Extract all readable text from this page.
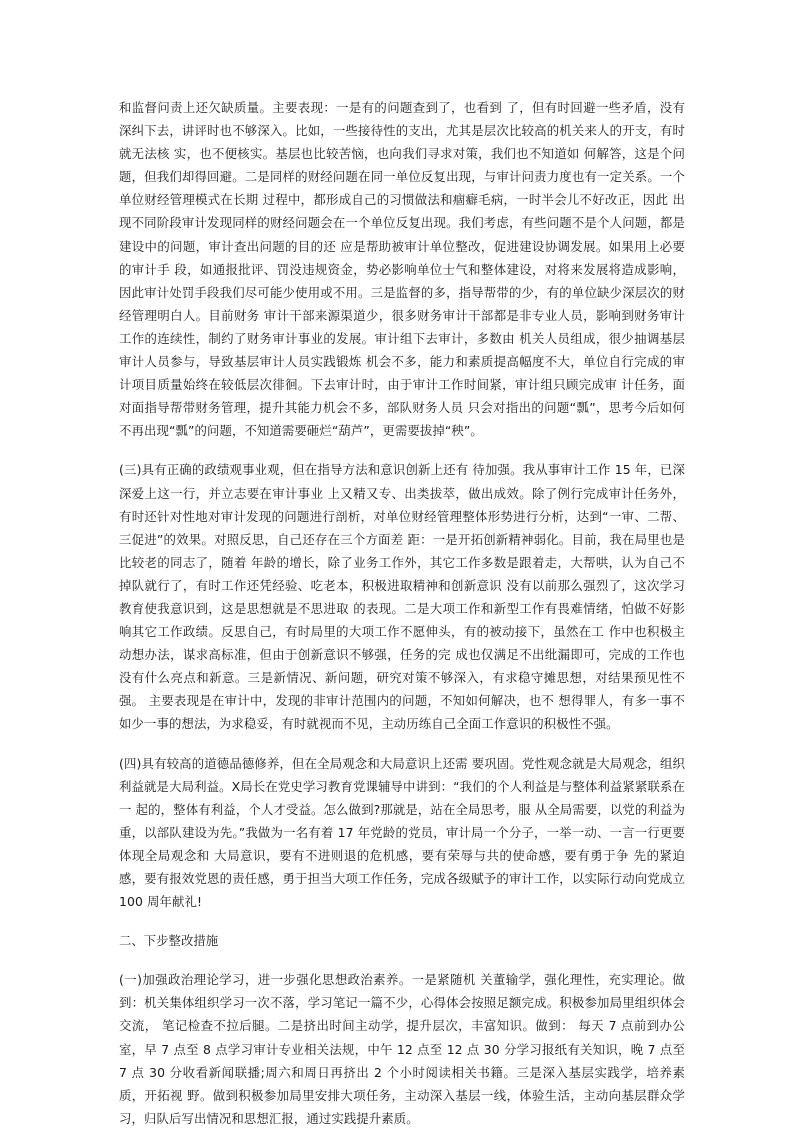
和监督问责上还欠缺质量。主要表现：一是有的问题查到了，也看到 了，但有时回避一些矛盾，没有深纠下去，讲评时也不够深入。比如，一些接待性的支出，尤其是层次比较高的机关来人的开支，有时就无法核 实，也不便核实。基层也比较苦恼，也向我们寻求对策，我们也不知道如 何解答，这是个问题，但我们却得回避。二是同样的财经问题在同一单位反复出现，与审计问责力度也有一定关系。一个单位财经管理模式在长期 过程中，都形成自己的习惯做法和痼癖毛病，一时半会儿不好改正，因此 出现不同阶段审计发现同样的财经问题会在一个单位反复出现。我们考虑，有些问题不是个人问题，都是建设中的问题，审计查出问题的目的还 应是帮助被审计单位整改，促进建设协调发展。如果用上必要的审计手 段，如通报批评、罚没违规资金，势必影响单位士气和整体建设，对将来发展将造成影响，因此审计处罚手段我们尽可能少使用或不用。三是监督的多，指导帮带的少，有的单位缺少深层次的财经管理明白人。目前财务 审计干部来源渠道少，很多财务审计干部都是非专业人员，影响到财务审计工作的连续性，制约了财务审计事业的发展。审计组下去审计，多数由 机关人员组成，很少抽调基层审计人员参与，导致基层审计人员实践锻炼 机会不多，能力和素质提高幅度不大，单位自行完成的审计项目质量始终在较低层次徘徊。下去审计时，由于审计工作时间紧，审计组只顾完成审 计任务，面对面指导帮带财务管理，提升其能力机会不多，部队财务人员 只会对指出的问题“瓢”，思考今后如何不再出现“瓢”的问题，不知道需要砸烂“葫芦”，更需要拔掉“秧”。

(三)具有正确的政绩观事业观，但在指导方法和意识创新上还有 待加强。我从事审计工作 15 年，已深深爱上这一行，并立志要在审计事业 上又精又专、出类拔萃，做出成效。除了例行完成审计任务外，有时还针对性地对审计发现的问题进行剖析，对单位财经管理整体形势进行分析，达到“一审、二帮、三促进”的效果。对照反思，自己还存在三个方面差 距：一是开拓创新精神弱化。目前，我在局里也是比较老的同志了，随着 年龄的增长，除了业务工作外，其它工作多数是跟着走，大帮哄，认为自己不掉队就行了，有时工作还凭经验、吃老本，积极进取精神和创新意识 没有以前那么强烈了，这次学习教育使我意识到，这是思想就是不思进取 的表现。二是大项工作和新型工作有畏难情绪，怕做不好影响其它工作政绩。反思自己，有时局里的大项工作不愿伸头，有的被动接下，虽然在工 作中也积极主动想办法，谋求高标准，但由于创新意识不够强，任务的完 成也仅满足不出纰漏即可，完成的工作也没有什么亮点和新意。三是新情况、新问题，研究对策不够深入，有求稳守摊思想，对结果预见性不强。 主要表现是在审计中，发现的非审计范围内的问题，不知如何解决，也不 想得罪人，有多一事不如少一事的想法，为求稳妥，有时就视而不见，主动历练自己全面工作意识的积极性不强。

(四)具有较高的道德品德修养，但在全局观念和大局意识上还需 要巩固。党性观念就是大局观念，组织利益就是大局利益。X局长在党史学习教育党课辅导中讲到：“我们的个人利益是与整体利益紧紧联系在一 起的，整体有利益，个人才受益。怎么做到?那就是，站在全局思考，服 从全局需要，以党的利益为重，以部队建设为先。”我做为一名有着 17 年党龄的党员，审计局一个分子，一举一动、一言一行更要体现全局观念和 大局意识，要有不进则退的危机感，要有荣辱与共的使命感，要有勇于争 先的紧迫感，要有报效党恩的责任感，勇于担当大项工作任务，完成各级赋予的审计工作，以实际行动向党成立 100 周年献礼!

二、下步整改措施

(一)加强政治理论学习，进一步强化思想政治素养。一是紧随机 关董输学，强化理性，充实理论。做到：机关集体组织学习一次不落，学习笔记一篇不少，心得体会按照足额完成。积极参加局里组织体会交流， 笔记检查不拉后腿。二是挤出时间主动学，提升层次，丰富知识。做到： 每天 7 点前到办公室，早 7 点至 8 点学习审计专业相关法规，中午 12 点至 12 点 30 分学习报纸有关知识，晚 7 点至 7 点 30 分收看新闻联播;周六和周日再挤出 2 个小时阅读相关书籍。三是深入基层实践学，培养素质，开拓视 野。做到积极参加局里安排大项任务，主动深入基层一线，体验生活，主动向基层群众学习，归队后写出情况和思想汇报，通过实践提升素质。
